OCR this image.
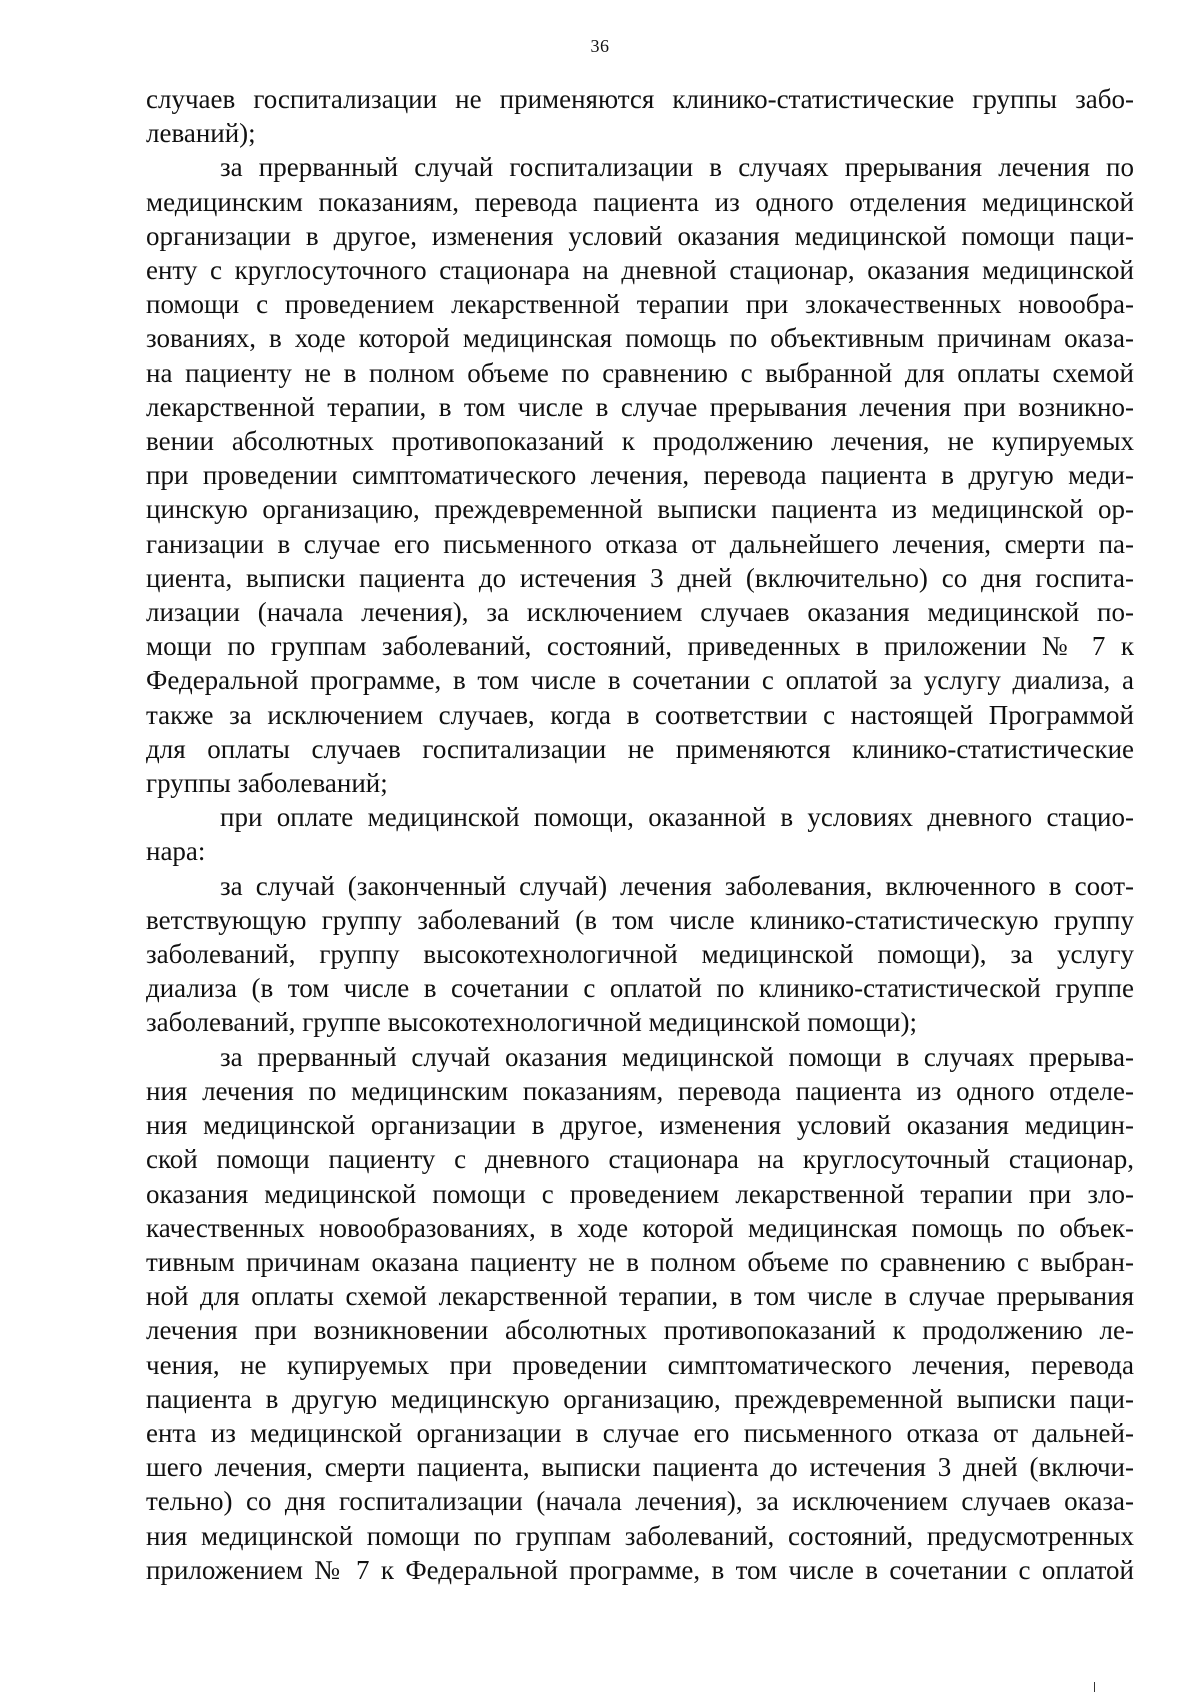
36
случаев госпитализации не применяются клинико-статистические группы забо-
леваний);
за прерванный случай госпитализации в случаях прерывания лечения по
медицинским показаниям, перевода пациента из одного отделения медицинской
организации в другое, изменения условий оказания медицинской помощи паци-
енту с круглосуточного стационара на дневной стационар, оказания медицинской
помощи с проведением лекарственной терапии при злокачественных новообра-
зованиях, в ходе которой медицинская помощь по объективным причинам оказа-
на пациенту не в полном объеме по сравнению с выбранной для оплаты схемой
лекарственной терапии, в том числе в случае прерывания лечения при возникно-
вении абсолютных противопоказаний к продолжению лечения, не купируемых
при проведении симптоматического лечения, перевода пациента в другую меди-
цинскую организацию, преждевременной выписки пациента из медицинской ор-
ганизации в случае его письменного отказа от дальнейшего лечения, смерти па-
циента, выписки пациента до истечения 3 дней (включительно) со дня госпита-
лизации (начала лечения), за исключением случаев оказания медицинской по-
мощи по группам заболеваний, состояний, приведенных в приложении № 7 к
Федеральной программе, в том числе в сочетании с оплатой за услугу диализа, а
также за исключением случаев, когда в соответствии с настоящей Программой
для оплаты случаев госпитализации не применяются клинико-статистические
группы заболеваний;
при оплате медицинской помощи, оказанной в условиях дневного стацио-
нара:
за случай (законченный случай) лечения заболевания, включенного в соот-
ветствующую группу заболеваний (в том числе клинико-статистическую группу
заболеваний, группу высокотехнологичной медицинской помощи), за услугу
диализа (в том числе в сочетании с оплатой по клинико-статистической группе
заболеваний, группе высокотехнологичной медицинской помощи);
за прерванный случай оказания медицинской помощи в случаях прерыва-
ния лечения по медицинским показаниям, перевода пациента из одного отделе-
ния медицинской организации в другое, изменения условий оказания медицин-
ской помощи пациенту с дневного стационара на круглосуточный стационар,
оказания медицинской помощи с проведением лекарственной терапии при зло-
качественных новообразованиях, в ходе которой медицинская помощь по объек-
тивным причинам оказана пациенту не в полном объеме по сравнению с выбран-
ной для оплаты схемой лекарственной терапии, в том числе в случае прерывания
лечения при возникновении абсолютных противопоказаний к продолжению ле-
чения, не купируемых при проведении симптоматического лечения, перевода
пациента в другую медицинскую организацию, преждевременной выписки паци-
ента из медицинской организации в случае его письменного отказа от дальней-
шего лечения, смерти пациента, выписки пациента до истечения 3 дней (включи-
тельно) со дня госпитализации (начала лечения), за исключением случаев оказа-
ния медицинской помощи по группам заболеваний, состояний, предусмотренных
приложением № 7 к Федеральной программе, в том числе в сочетании с оплатой
